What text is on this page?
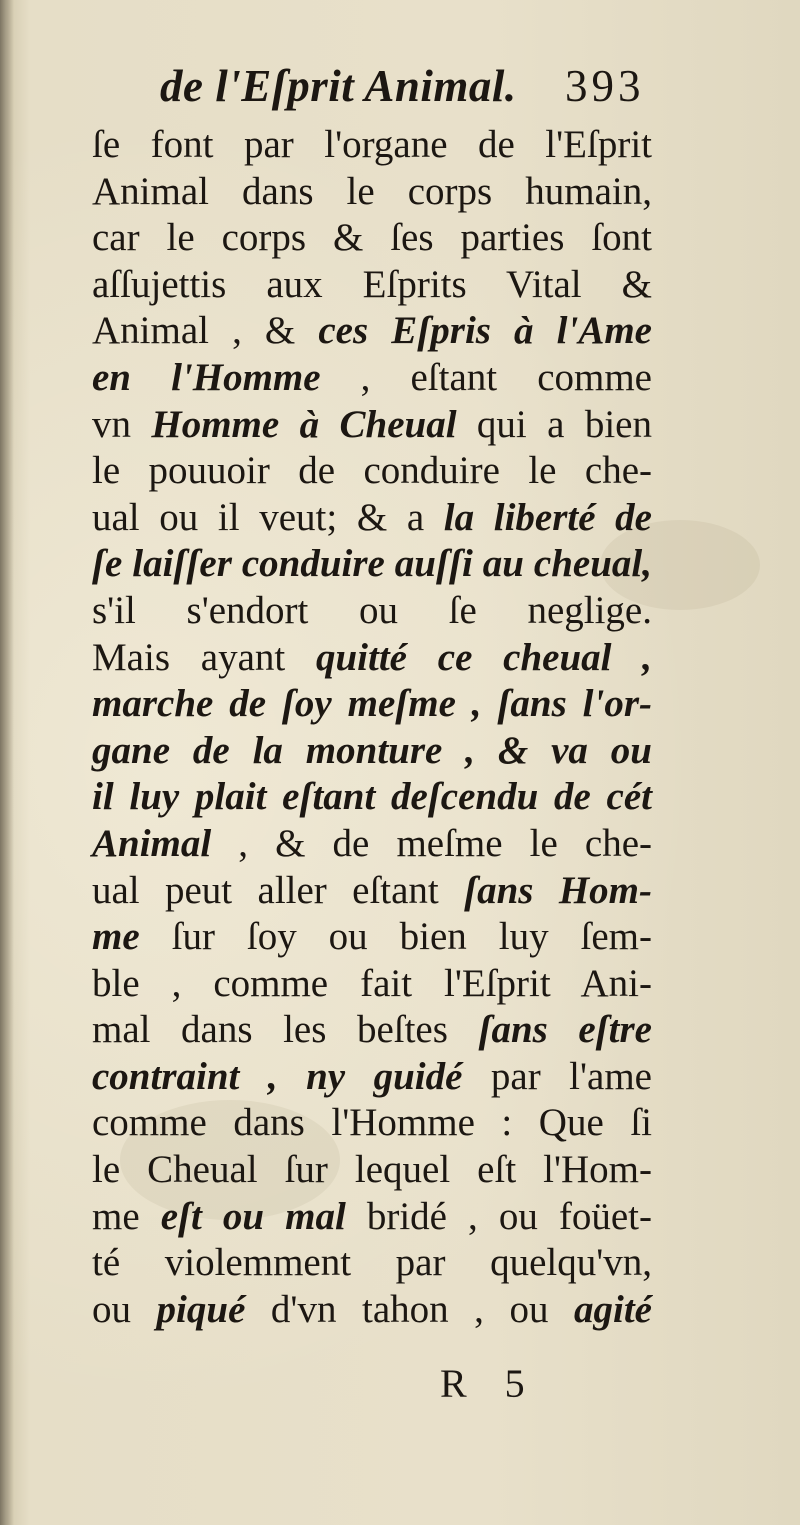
de l'Eſprit Animal. 393
ſe font par l'organe de l'Eſprit
Animal dans le corps humain,
car le corps & ſes parties ſont
aſſujettis aux Eſprits Vital &
Animal , & ces Eſpris à l'Ame
en l'Homme , eſtant comme
vn Homme à Cheual qui a bien
le pouuoir de conduire le che-
ual ou il veut; & a la liberté de
ſe laiſſer conduire auſſi au cheual,
s'il s'endort ou ſe neglige.
Mais ayant quitté ce cheual ,
marche de ſoy meſme , ſans l'or-
gane de la monture , & va ou
il luy plait eſtant deſcendu de cét
Animal , & de meſme le che-
ual peut aller eſtant ſans Hom-
me ſur ſoy ou bien luy ſem-
ble , comme fait l'Eſprit Ani-
mal dans les beſtes ſans eſtre
contraint , ny guidé par l'ame
comme dans l'Homme : Que ſi
le Cheual ſur lequel eſt l'Hom-
me eſt ou mal bridé , ou foüet-
té violemment par quelqu'vn,
ou piqué d'vn tahon , ou agité
R 5
